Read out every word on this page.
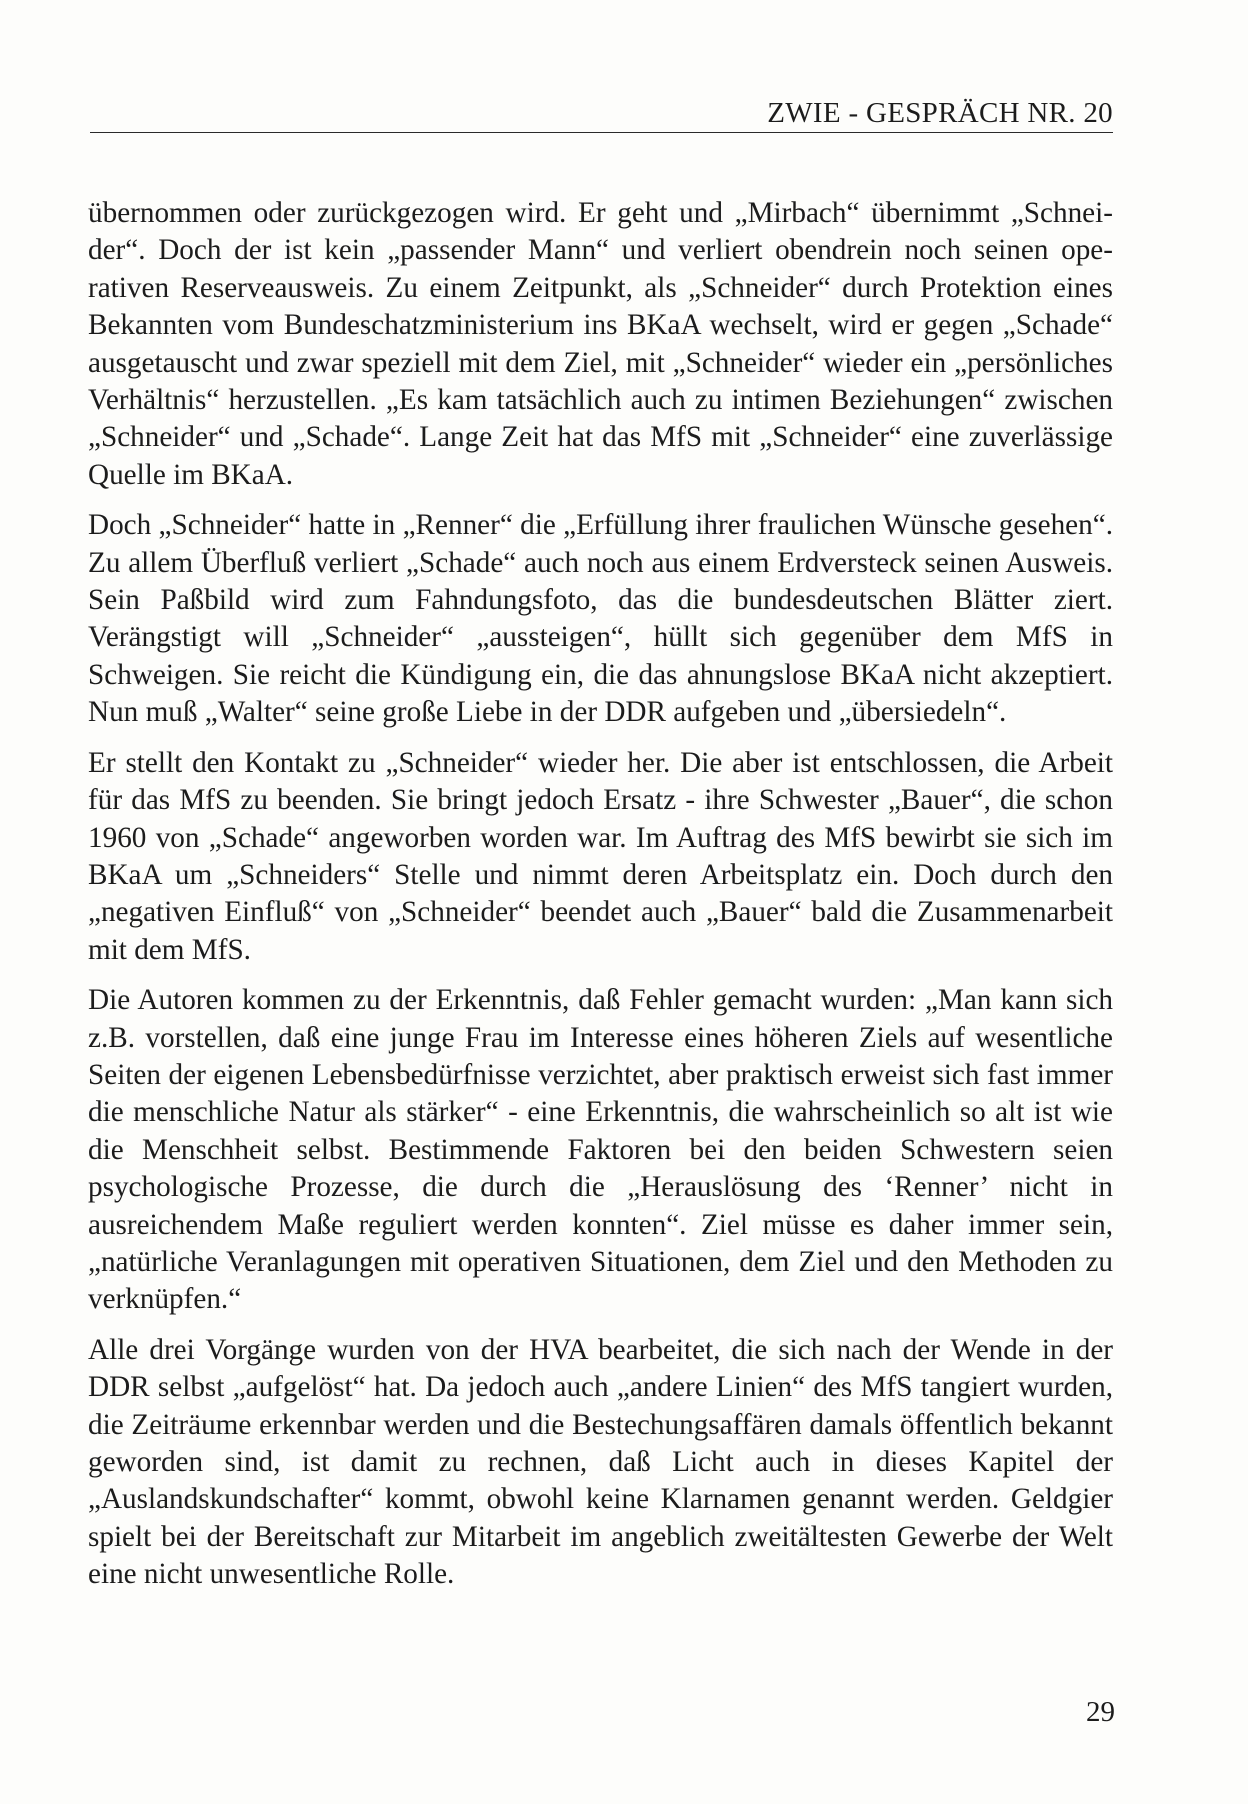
ZWIE - GESPRÄCH NR. 20

übernommen oder zurückgezogen wird. Er geht und „Mirbach“ übernimmt „Schneider“. Doch der ist kein „passender Mann“ und verliert obendrein noch seinen operativen Reserveausweis. Zu einem Zeitpunkt, als „Schneider“ durch Protektion eines Bekannten vom Bundeschatzministerium ins BKaA wechselt, wird er gegen „Schade“ ausgetauscht und zwar speziell mit dem Ziel, mit „Schneider“ wieder ein „persönliches Verhältnis“ herzustellen. „Es kam tatsächlich auch zu intimen Beziehungen“ zwischen „Schneider“ und „Schade“. Lange Zeit hat das MfS mit „Schneider“ eine zuverlässige Quelle im BKaA.

Doch „Schneider“ hatte in „Renner“ die „Erfüllung ihrer fraulichen Wünsche gesehen“. Zu allem Überfluß verliert „Schade“ auch noch aus einem Erdversteck seinen Ausweis. Sein Paßbild wird zum Fahndungsfoto, das die bundesdeutschen Blätter ziert. Verängstigt will „Schneider“ „aussteigen“, hüllt sich gegenüber dem MfS in Schweigen. Sie reicht die Kündigung ein, die das ahnungslose BKaA nicht akzeptiert. Nun muß „Walter“ seine große Liebe in der DDR aufgeben und „übersiedeln“.

Er stellt den Kontakt zu „Schneider“ wieder her. Die aber ist entschlossen, die Arbeit für das MfS zu beenden. Sie bringt jedoch Ersatz - ihre Schwester „Bauer“, die schon 1960 von „Schade“ angeworben worden war. Im Auftrag des MfS bewirbt sie sich im BKaA um „Schneiders“ Stelle und nimmt deren Arbeitsplatz ein. Doch durch den „negativen Einfluß“ von „Schneider“ beendet auch „Bauer“ bald die Zusammenarbeit mit dem MfS.

Die Autoren kommen zu der Erkenntnis, daß Fehler gemacht wurden: „Man kann sich z.B. vorstellen, daß eine junge Frau im Interesse eines höheren Ziels auf wesentliche Seiten der eigenen Lebensbedürfnisse verzichtet, aber praktisch erweist sich fast immer die menschliche Natur als stärker“ - eine Erkenntnis, die wahrscheinlich so alt ist wie die Menschheit selbst. Bestimmende Faktoren bei den beiden Schwestern seien psychologische Prozesse, die durch die „Herauslösung des ‘Renner’ nicht in ausreichendem Maße reguliert werden konnten“. Ziel müsse es daher immer sein, „natürliche Veranlagungen mit operativen Situationen, dem Ziel und den Methoden zu verknüpfen.“

Alle drei Vorgänge wurden von der HVA bearbeitet, die sich nach der Wende in der DDR selbst „aufgelöst“ hat. Da jedoch auch „andere Linien“ des MfS tangiert wurden, die Zeiträume erkennbar werden und die Bestechungsaffären damals öffentlich bekannt geworden sind, ist damit zu rechnen, daß Licht auch in dieses Kapitel der „Auslandskundschafter“ kommt, obwohl keine Klarnamen genannt werden. Geldgier spielt bei der Bereitschaft zur Mitarbeit im angeblich zweitältesten Gewerbe der Welt eine nicht unwesentliche Rolle.

29
